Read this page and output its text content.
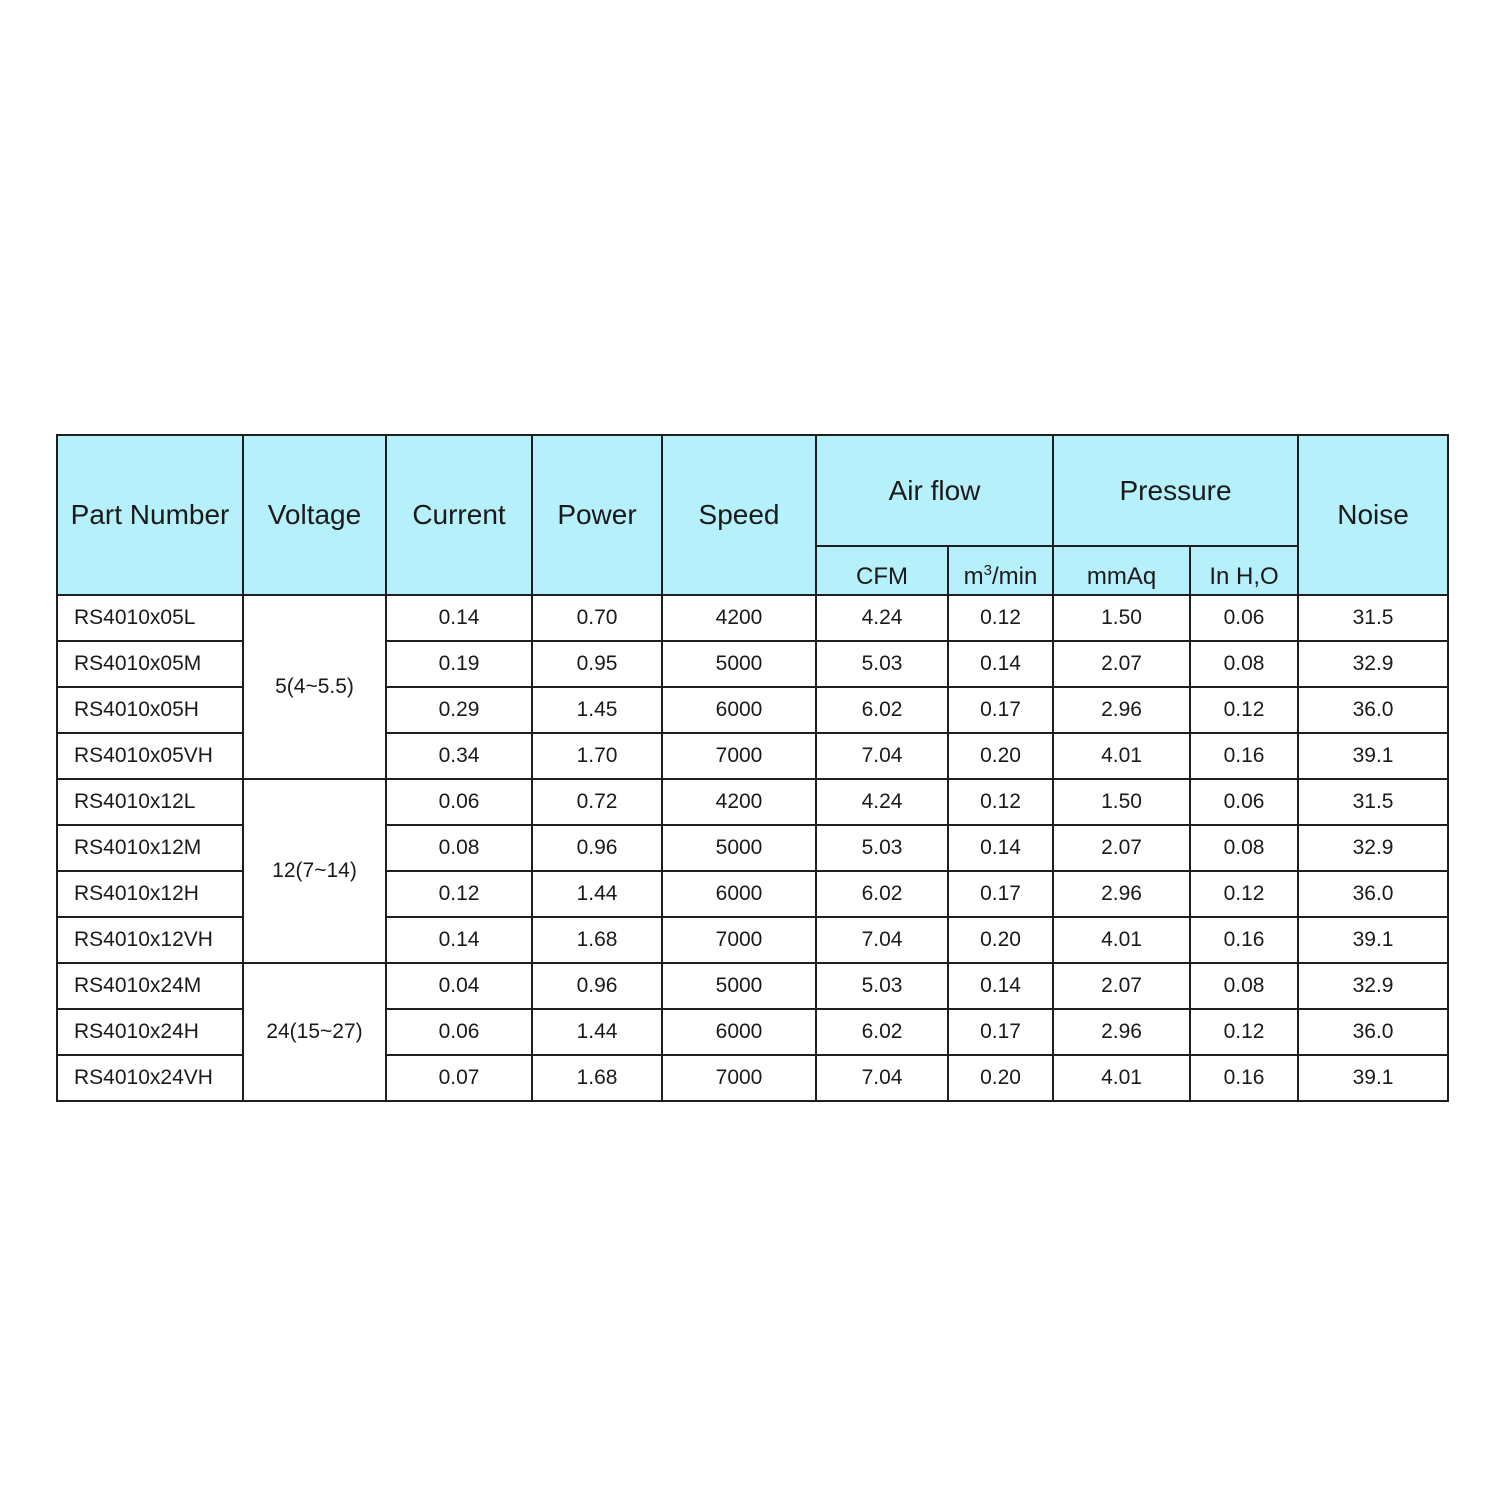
Part Number	Voltage	Current	Power	Speed	Air flow		Pressure		Noise
					CFM	$m^3/\min$	mmAq	In H,O	
RS4010x05L	5(4~5.5)	0.14	0.70	4200	4.24	0.12	1.50	0.06	31.5
RS4010x05M		0.19	0.95	5000	5.03	0.14	2.07	0.08	32.9
RS4010x05H		0.29	1.45	6000	6.02	0.17	2.96	0.12	36.0
RS4010x05VH		0.34	1.70	7000	7.04	0.20	4.01	0.16	39.1
RS4010x12L	12(7~14)	0.06	0.72	4200	4.24	0.12	1.50	0.06	31.5
RS4010x12M		0.08	0.96	5000	5.03	0.14	2.07	0.08	32.9
RS4010x12H		0.12	1.44	6000	6.02	0.17	2.96	0.12	36.0
RS4010x12VH		0.14	1.68	7000	7.04	0.20	4.01	0.16	39.1
RS4010x24M	24(15~27)	0.04	0.96	5000	5.03	0.14	2.07	0.08	32.9
RS4010x24H		0.06	1.44	6000	6.02	0.17	2.96	0.12	36.0
RS4010x24VH		0.07	1.68	7000	7.04	0.20	4.01	0.16	39.1
